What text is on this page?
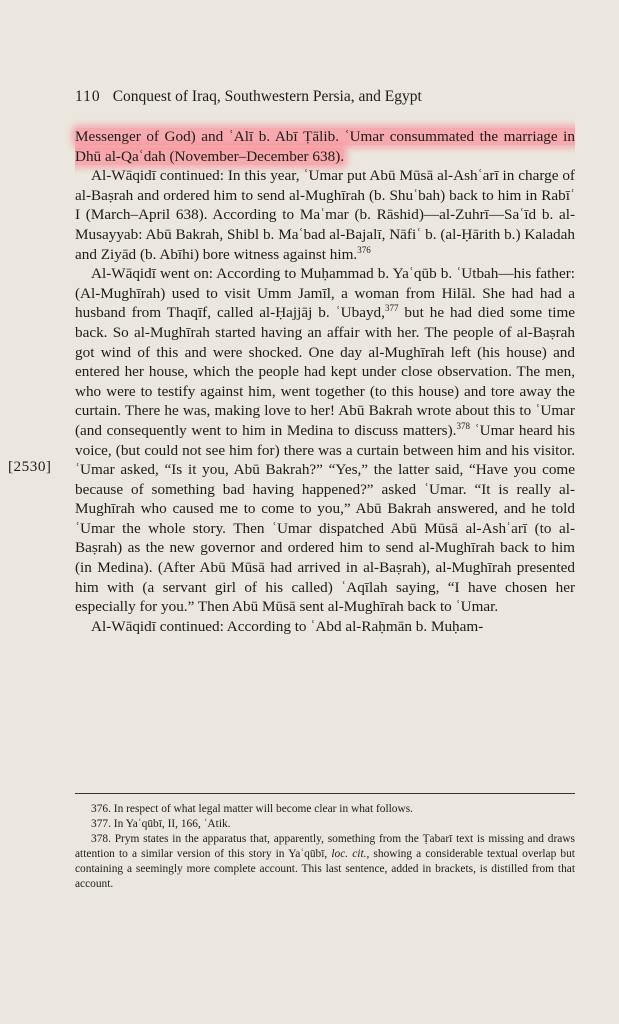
110 Conquest of Iraq, Southwestern Persia, and Egypt
[2530]

Messenger of God) and ʿAlī b. Abī Ṭālib. ʿUmar consummated the marriage in Dhū al-Qaʿdah (November–December 638).

Al-Wāqidī continued: In this year, ʿUmar put Abū Mūsā al-Ashʿarī in charge of al-Baṣrah and ordered him to send al-Mughīrah (b. Shuʿbah) back to him in Rabīʿ I (March–April 638). According to Maʿmar (b. Rāshid)—al-Zuhrī—Saʿīd b. al-Musayyab: Abū Bakrah, Shibl b. Maʿbad al-Bajalī, Nāfiʿ b. (al-Ḥārith b.) Kaladah and Ziyād (b. Abīhi) bore witness against him.$^{376}$

Al-Wāqidī went on: According to Muḥammad b. Yaʿqūb b. ʿUtbah—his father: (Al-Mughīrah) used to visit Umm Jamīl, a woman from Hilāl. She had had a husband from Thaqīf, called al-Ḥajjāj b. ʿUbayd,$^{377}$ but he had died some time back. So al-Mughīrah started having an affair with her. The people of al-Baṣrah got wind of this and were shocked. One day al-Mughīrah left (his house) and entered her house, which the people had kept under close observation. The men, who were to testify against him, went together (to this house) and tore away the curtain. There he was, making love to her! Abū Bakrah wrote about this to ʿUmar (and consequently went to him in Medina to discuss matters).$^{378}$ ʿUmar heard his voice, (but could not see him for) there was a curtain between him and his visitor. ʿUmar asked, “Is it you, Abū Bakrah?” “Yes,” the latter said, “Have you come because of something bad having happened?” asked ʿUmar. “It is really al-Mughīrah who caused me to come to you,” Abū Bakrah answered, and he told ʿUmar the whole story. Then ʿUmar dispatched Abū Mūsā al-Ashʿarī (to al-Baṣrah) as the new governor and ordered him to send al-Mughīrah back to him (in Medina). (After Abū Mūsā had arrived in al-Baṣrah), al-Mughīrah presented him with (a servant girl of his called) ʿAqīlah saying, “I have chosen her especially for you.” Then Abū Mūsā sent al-Mughīrah back to ʿUmar.

Al-Wāqidī continued: According to ʿAbd al-Raḥmān b. Muḥam-

376. In respect of what legal matter will become clear in what follows.

377. In Yaʿqūbī, II, 166, ʿAtik.

378. Prym states in the apparatus that, apparently, something from the Ṭabarī text is missing and draws attention to a similar version of this story in Yaʿqūbī, loc. cit., showing a considerable textual overlap but containing a seemingly more complete account. This last sentence, added in brackets, is distilled from that account.
